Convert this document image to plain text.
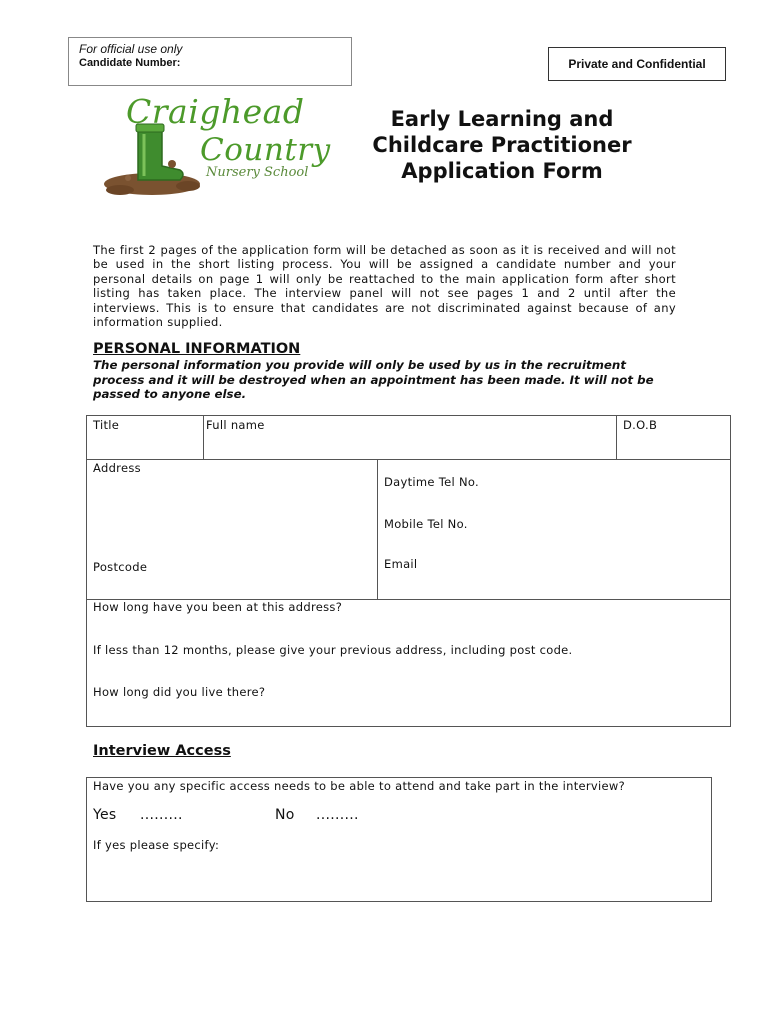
For official use only
Candidate Number:	Private and Confidential
Craighead
Country
Nursery School
Early Learning and
Childcare Practitioner
Application Form
The first 2 pages of the application form will be detached as soon as it is received and will not be used in the short listing process. You will be assigned a candidate number and your personal details on page 1 will only be reattached to the main application form after short listing has taken place. The interview panel will not see pages 1 and 2 until after the interviews. This is to ensure that candidates are not discriminated against because of any information supplied.
PERSONAL INFORMATION
The personal information you provide will only be used by us in the recruitment process and it will be destroyed when an appointment has been made. It will not be passed to anyone else.
Title	Full name	D.O.B
Address
Postcode
Daytime Tel No.
Mobile Tel No.
Email
How long have you been at this address?
If less than 12 months, please give your previous address, including post code.
How long did you live there?
Interview Access
Have you any specific access needs to be able to attend and take part in the interview?
Yes .........	No .........
If yes please specify:
